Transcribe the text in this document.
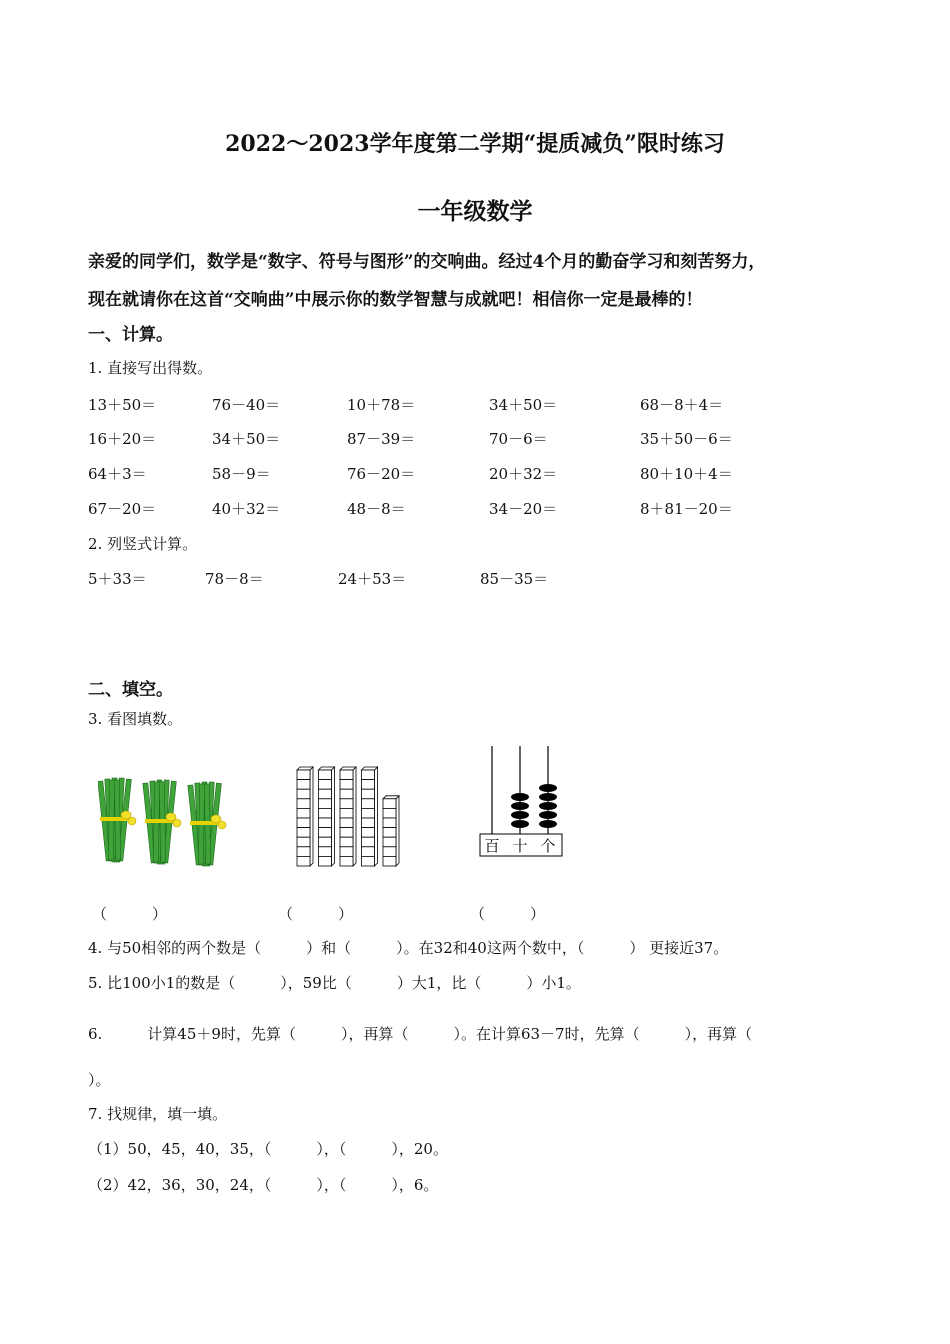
2022～2023学年度第二学期“提质减负”限时练习
一年级数学
亲爱的同学们，数学是“数字、符号与图形”的交响曲。经过4个月的勤奋学习和刻苦努力，
现在就请你在这首“交响曲”中展示你的数学智慧与成就吧！相信你一定是最棒的！
一、计算。
1. 直接写出得数。
13＋50＝	76－40＝	10＋78＝	34＋50＝	68－8＋4＝
16＋20＝	34＋50＝	87－39＝	70－6＝	35＋50－6＝
64＋3＝	58－9＝	76－20＝	20＋32＝	80＋10＋4＝
67－20＝	40＋32＝	48－8＝	34－20＝	8＋81－20＝
2. 列竖式计算。
5＋33＝	78－8＝	24＋53＝	85－35＝
二、填空。
3. 看图填数。
百 十 个
（　　　）	（　　　）	（　　　）
4. 与50相邻的两个数是（　　　）和（　　　）。在32和40这两个数中，（　　　） 更接近37。
5. 比100小1的数是（　　　），59比（　　　）大1，比（　　　）小1。
6.　　　计算45＋9时，先算（　　　），再算（　　　）。在计算63－7时，先算（　　　），再算（
）。
7. 找规律，填一填。
（1）50，45，40，35，（　　　），（　　　），20。
（2）42，36，30，24，（　　　），（　　　），6。
